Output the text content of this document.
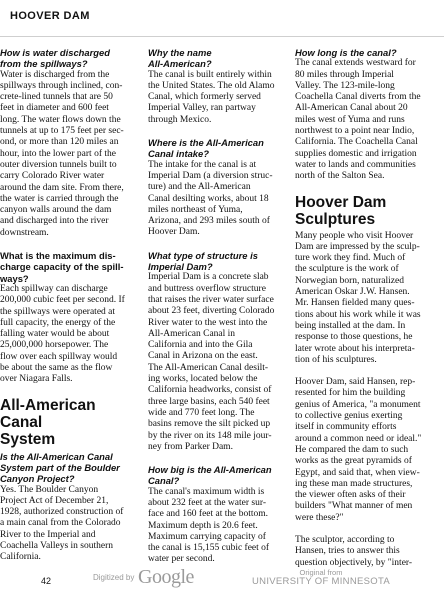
HOOVER DAM
How is water discharged
from the spillways?
Water is discharged from the
spillways through inclined, con-
crete-lined tunnels that are 50
feet in diameter and 600 feet
long. The water flows down the
tunnels at up to 175 feet per sec-
ond, or more than 120 miles an
hour, into the lower part of the
outer diversion tunnels built to
carry Colorado River water
around the dam site. From there,
the water is carried through the
canyon walls around the dam
and discharged into the river
downstream.
What is the maximum dis-
charge capacity of the spill-
ways?
Each spillway can discharge
200,000 cubic feet per second. If
the spillways were operated at
full capacity, the energy of the
falling water would be about
25,000,000 horsepower. The
flow over each spillway would
be about the same as the flow
over Niagara Falls.
All-American Canal
System
Is the All-American Canal
System part of the Boulder
Canyon Project?
Yes. The Boulder Canyon
Project Act of December 21,
1928, authorized construction of
a main canal from the Colorado
River to the Imperial and
Coachella Valleys in southern
California.
Why the name
All-American?
The canal is built entirely within
the United States. The old Alamo
Canal, which formerly served
Imperial Valley, ran partway
through Mexico.
Where is the All-American
Canal intake?
The intake for the canal is at
Imperial Dam (a diversion struc-
ture) and the All-American
Canal desilting works, about 18
miles northeast of Yuma,
Arizona, and 293 miles south of
Hoover Dam.
What type of structure is
Imperial Dam?
Imperial Dam is a concrete slab
and buttress overflow structure
that raises the river water surface
about 23 feet, diverting Colorado
River water to the west into the
All-American Canal in
California and into the Gila
Canal in Arizona on the east.
The All-American Canal desilt-
ing works, located below the
California headworks, consist of
three large basins, each 540 feet
wide and 770 feet long. The
basins remove the silt picked up
by the river on its 148 mile jour-
ney from Parker Dam.
How big is the All-American
Canal?
The canal's maximum width is
about 232 feet at the water sur-
face and 160 feet at the bottom.
Maximum depth is 20.6 feet.
Maximum carrying capacity of
the canal is 15,155 cubic feet of
water per second.
How long is the canal?
The canal extends westward for
80 miles through Imperial
Valley. The 123-mile-long
Coachella Canal diverts from the
All-American Canal about 20
miles west of Yuma and runs
northwest to a point near Indio,
California. The Coachella Canal
supplies domestic and irrigation
water to lands and communities
north of the Salton Sea.
Hoover Dam
Sculptures
Many people who visit Hoover
Dam are impressed by the sculp-
ture work they find. Much of
the sculpture is the work of
Norwegian born, naturalized
American Oskar J.W. Hansen.
Mr. Hansen fielded many ques-
tions about his work while it was
being installed at the dam. In
response to those questions, he
later wrote about his interpreta-
tion of his sculptures.
Hoover Dam, said Hansen, rep-
resented for him the building
genius of America, "a monument
to collective genius exerting
itself in community efforts
around a common need or ideal."
He compared the dam to such
works as the great pyramids of
Egypt, and said that, when view-
ing these man made structures,
the viewer often asks of their
builders "What manner of men
were these?"
The sculptor, according to
Hansen, tries to answer this
question objectively, by "inter-
42	Digitized by Google	Original from
UNIVERSITY OF MINNESOTA
